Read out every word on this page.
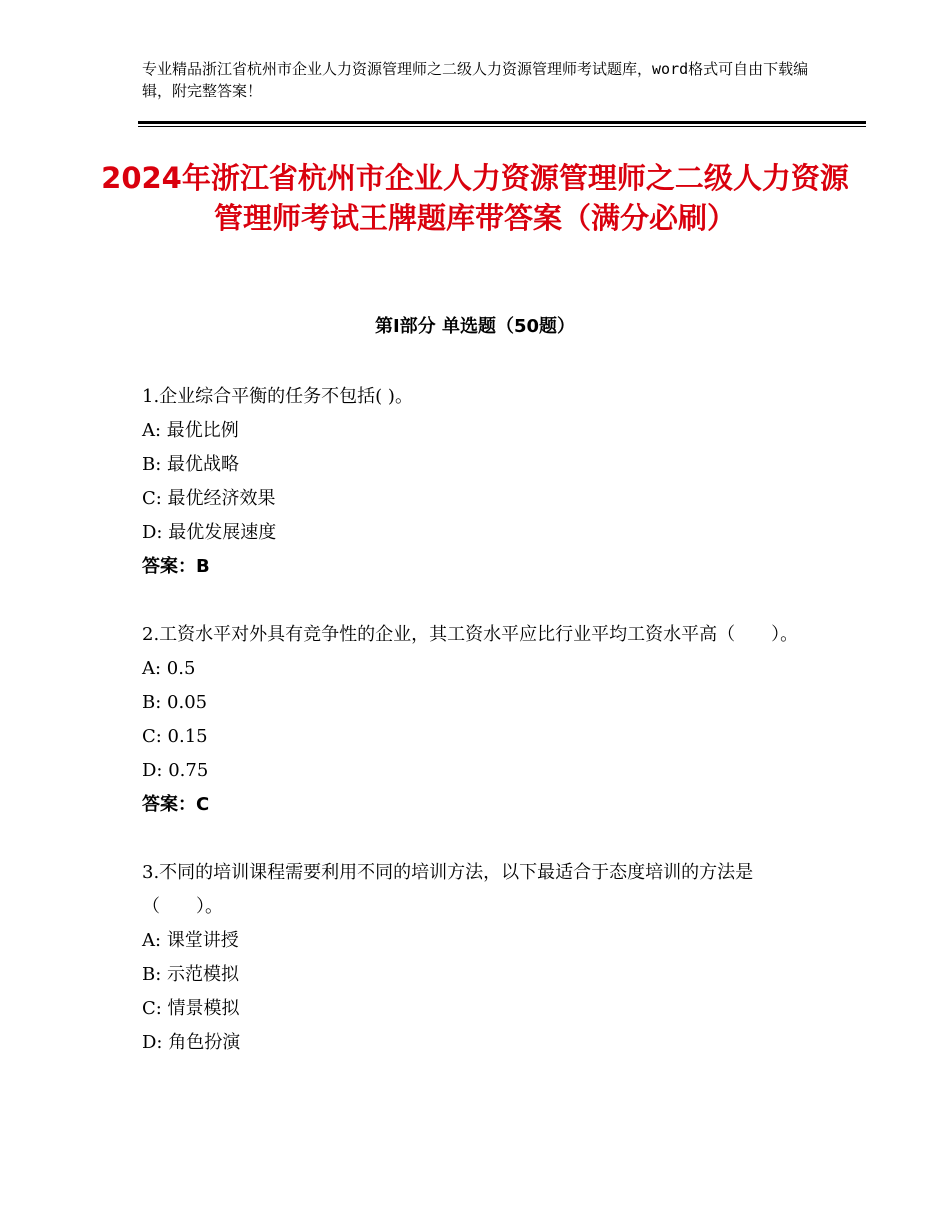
专业精品浙江省杭州市企业人力资源管理师之二级人力资源管理师考试题库，word格式可自由下载编辑，附完整答案！
2024年浙江省杭州市企业人力资源管理师之二级人力资源管理师考试王牌题库带答案（满分必刷）
第Ⅰ部分 单选题（50题）
1.企业综合平衡的任务不包括( )。
A: 最优比例
B: 最优战略
C: 最优经济效果
D: 最优发展速度
答案：B
2.工资水平对外具有竞争性的企业，其工资水平应比行业平均工资水平高（　　）。
A: 0.5
B: 0.05
C: 0.15
D: 0.75
答案：C
3.不同的培训课程需要利用不同的培训方法，以下最适合于态度培训的方法是（　　）。
A: 课堂讲授
B: 示范模拟
C: 情景模拟
D: 角色扮演
